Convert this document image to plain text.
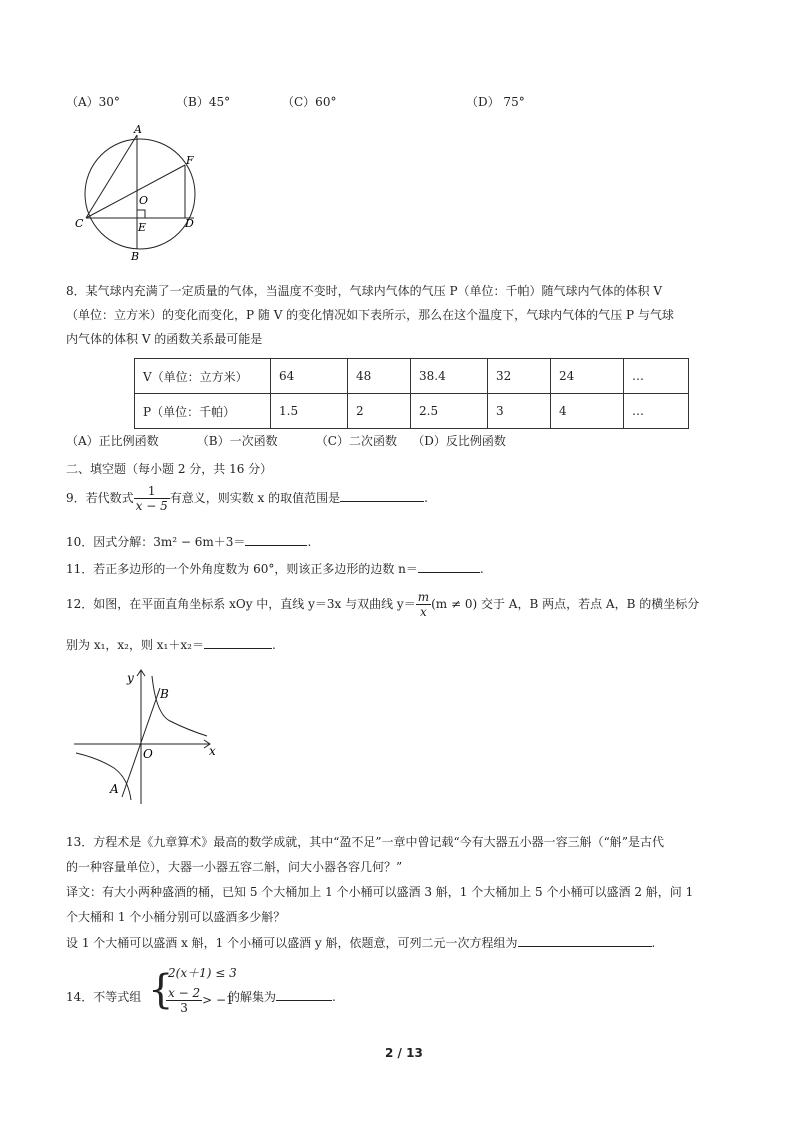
（A）30°	（B）45°	（C）60°	（D） 75°
A
F
O
C	E	D
B
8．某气球内充满了一定质量的气体，当温度不变时，气球内气体的气压 P（单位：千帕）随气球内气体的体积 V
（单位：立方米）的变化而变化，P 随 V 的变化情况如下表所示，那么在这个温度下，气球内气体的气压 P 与气球
内气体的体积 V 的函数关系最可能是
V（单位：立方米）	64	48	38.4	32	24	…
P（单位：千帕）	1.5	2	2.5	3	4	…
（A）正比例函数          （B）一次函数          （C）二次函数    （D）反比例函数
二、填空题（每小题 2 分，共 16 分）
9．若代数式 $\frac{1}{x - 5}$ 有意义，则实数 x 的取值范围是	.
10．因式分解：3m² − 6m＋3＝	.
11．若正多边形的一个外角度数为 60°，则该正多边形的边数 n＝	.
12．如图，在平面直角坐标系 xOy 中，直线 y＝3x 与双曲线 $y= \frac{m}{x} (m \ne 0)$ 交于 A，B 两点，若点 A，B 的横坐标分
别为 x₁，x₂，则 x₁＋x₂＝	.
y
x
O
B
A
13．方程术是《九章算术》最高的数学成就，其中“盈不足”一章中曾记载“今有大器五小器一容三斛（“斛”是古代
的一种容量单位），大器一小器五容二斛，问大小器各容几何？”
译文：有大小两种盛酒的桶，已知 5 个大桶加上 1 个小桶可以盛酒 3 斛，1 个大桶加上 5 个小桶可以盛酒 2 斛，问 1
个大桶和 1 个小桶分别可以盛酒多少斛？
设 1 个大桶可以盛酒 x 斛，1 个小桶可以盛酒 y 斛，依题意，可列二元一次方程组为	.
14．不等式组 {
2(x＋1) ≤ 3
$\frac{x - 2}{3} > -1$
的解集为	.
2 / 13
